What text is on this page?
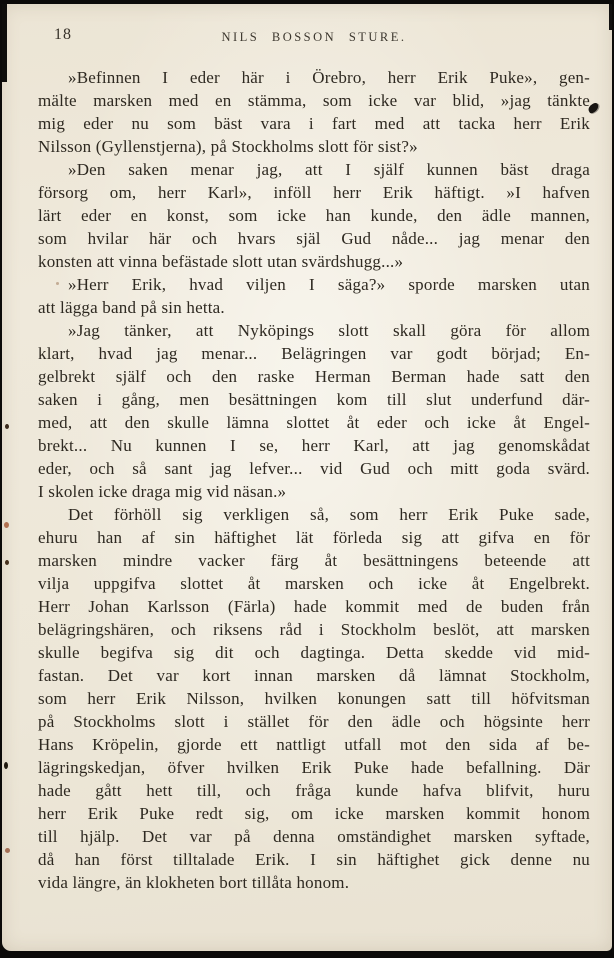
18	NILS BOSSON STURE.
»Befinnen I eder här i Örebro, herr Erik Puke», gen-
mälte marsken med en stämma, som icke var blid, »jag tänkte
mig eder nu som bäst vara i fart med att tacka herr Erik
Nilsson (Gyllenstjerna), på Stockholms slott för sist?»
»Den saken menar jag, att I själf kunnen bäst draga
försorg om, herr Karl», inföll herr Erik häftigt. »I hafven
lärt eder en konst, som icke han kunde, den ädle mannen,
som hvilar här och hvars själ Gud nåde... jag menar den
konsten att vinna befästade slott utan svärdshugg...»
»Herr Erik, hvad viljen I säga?» sporde marsken utan
att lägga band på sin hetta.
»Jag tänker, att Nyköpings slott skall göra för allom
klart, hvad jag menar... Belägringen var godt börjad; En-
gelbrekt själf och den raske Herman Berman hade satt den
saken i gång, men besättningen kom till slut underfund där-
med, att den skulle lämna slottet åt eder och icke åt Engel-
brekt... Nu kunnen I se, herr Karl, att jag genomskådat
eder, och så sant jag lefver... vid Gud och mitt goda svärd.
I skolen icke draga mig vid näsan.»
Det förhöll sig verkligen så, som herr Erik Puke sade,
ehuru han af sin häftighet lät förleda sig att gifva en för
marsken mindre vacker färg åt besättningens beteende att
vilja uppgifva slottet åt marsken och icke åt Engelbrekt.
Herr Johan Karlsson (Färla) hade kommit med de buden från
belägringshären, och riksens råd i Stockholm beslöt, att marsken
skulle begifva sig dit och dagtinga. Detta skedde vid mid-
fastan. Det var kort innan marsken då lämnat Stockholm,
som herr Erik Nilsson, hvilken konungen satt till höfvitsman
på Stockholms slott i stället för den ädle och högsinte herr
Hans Kröpelin, gjorde ett nattligt utfall mot den sida af be-
lägringskedjan, öfver hvilken Erik Puke hade befallning. Där
hade gått hett till, och fråga kunde hafva blifvit, huru
herr Erik Puke redt sig, om icke marsken kommit honom
till hjälp. Det var på denna omständighet marsken syftade,
då han först tilltalade Erik. I sin häftighet gick denne nu
vida längre, än klokheten bort tillåta honom.
